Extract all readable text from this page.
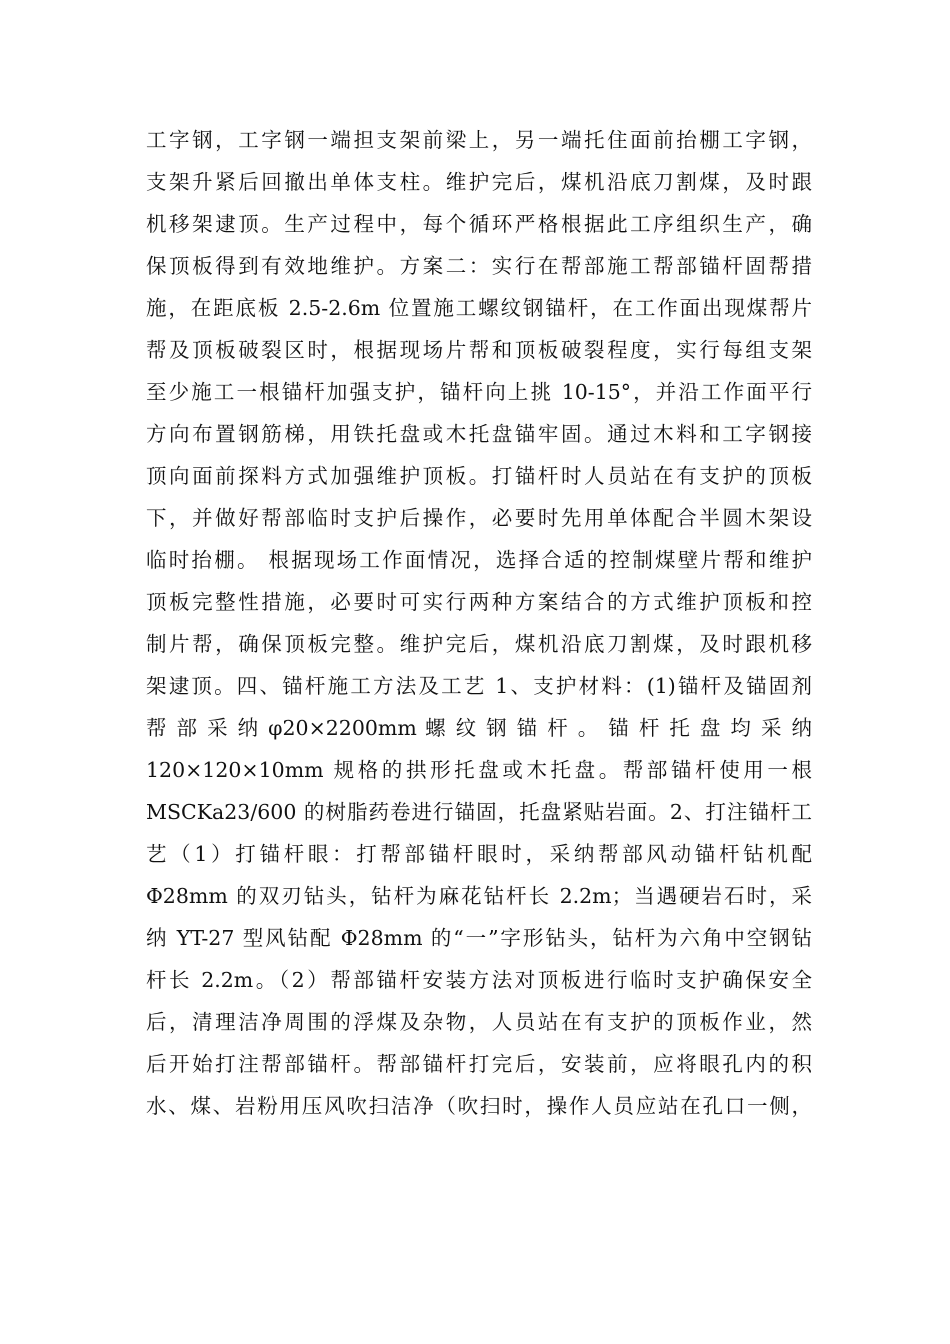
工字钢，工字钢一端担支架前梁上，另一端托住面前抬棚工字钢，
支架升紧后回撤出单体支柱。维护完后，煤机沿底刀割煤，及时跟
机移架逮顶。生产过程中，每个循环严格根据此工序组织生产，确
保顶板得到有效地维护。方案二：实行在帮部施工帮部锚杆固帮措
施，在距底板 2.5-2.6m 位置施工螺纹钢锚杆，在工作面出现煤帮片
帮及顶板破裂区时，根据现场片帮和顶板破裂程度，实行每组支架
至少施工一根锚杆加强支护，锚杆向上挑 10-15°，并沿工作面平行
方向布置钢筋梯，用铁托盘或木托盘锚牢固。通过木料和工字钢接
顶向面前探料方式加强维护顶板。打锚杆时人员站在有支护的顶板
下，并做好帮部临时支护后操作，必要时先用单体配合半圆木架设
临时抬棚。 根据现场工作面情况，选择合适的控制煤壁片帮和维护
顶板完整性措施，必要时可实行两种方案结合的方式维护顶板和控
制片帮，确保顶板完整。维护完后，煤机沿底刀割煤，及时跟机移
架逮顶。四、锚杆施工方法及工艺 1、支护材料：(1)锚杆及锚固剂
帮 部 采 纳 φ20×2200mm 螺 纹 钢 锚 杆 。 锚 杆 托 盘 均 采 纳
120×120×10mm 规格的拱形托盘或木托盘。帮部锚杆使用一根
MSCKa23/600 的树脂药卷进行锚固，托盘紧贴岩面。2、打注锚杆工
艺（1）打锚杆眼：打帮部锚杆眼时，采纳帮部风动锚杆钻机配
Φ28mm 的双刃钻头，钻杆为麻花钻杆长 2.2m；当遇硬岩石时，采
纳 YT-27 型风钻配 Φ28mm 的“一”字形钻头，钻杆为六角中空钢钻
杆长 2.2m。（2）帮部锚杆安装方法对顶板进行临时支护确保安全
后，清理洁净周围的浮煤及杂物，人员站在有支护的顶板作业，然
后开始打注帮部锚杆。帮部锚杆打完后，安装前，应将眼孔内的积
水、煤、岩粉用压风吹扫洁净（吹扫时，操作人员应站在孔口一侧，
